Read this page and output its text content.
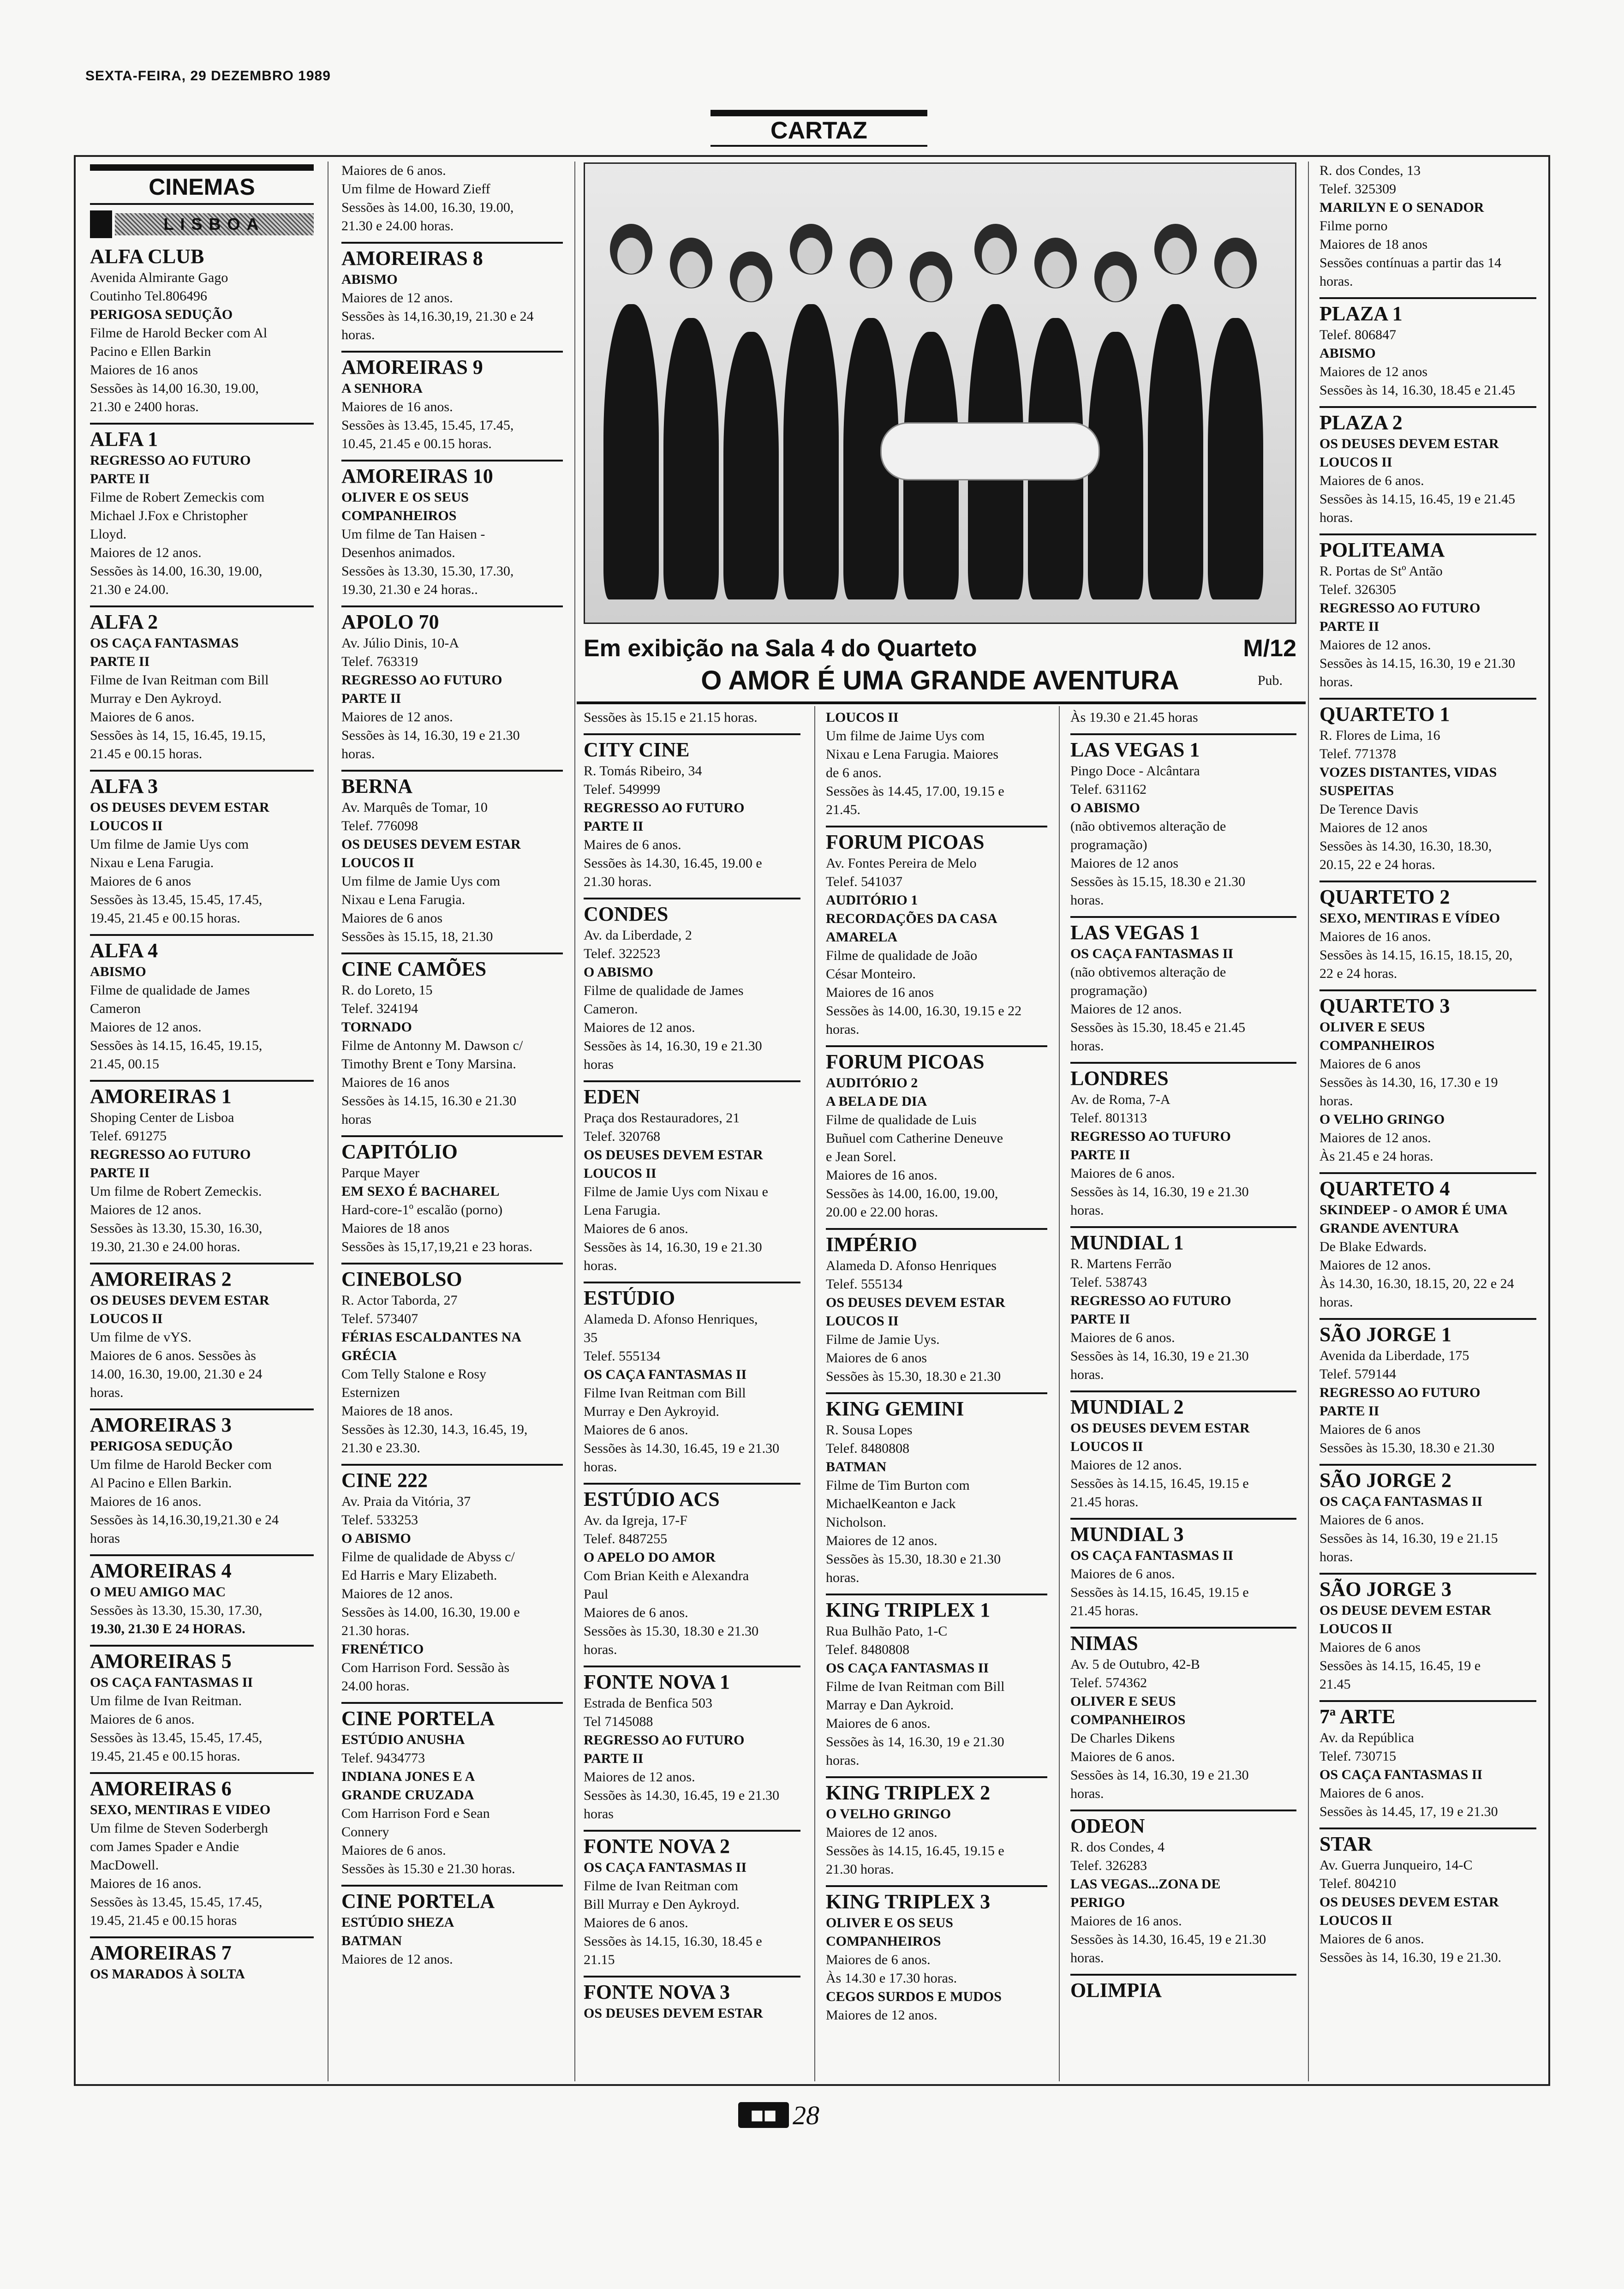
SEXTA-FEIRA, 29 DEZEMBRO 1989
CARTAZ
CINEMAS
LISBOA

ALFA CLUB

Avenida Almirante Gago

Coutinho Tel.806496

PERIGOSA SEDUÇÃO

Filme de Harold Becker com Al

Pacino e Ellen Barkin

Maiores de 16 anos

Sessões às 14,00 16.30, 19.00,

21.30 e 2400 horas.

ALFA 1

REGRESSO AO FUTURO

PARTE II

Filme de Robert Zemeckis com

Michael J.Fox e Christopher

Lloyd.

Maiores de 12 anos.

Sessões às 14.00, 16.30, 19.00,

21.30 e 24.00.

ALFA 2

OS CAÇA FANTASMAS

PARTE II

Filme de Ivan Reitman com Bill

Murray e Den Aykroyd.

Maiores de 6 anos.

Sessões às 14, 15, 16.45, 19.15,

21.45 e 00.15 horas.

ALFA 3

OS DEUSES DEVEM ESTAR

LOUCOS II

Um filme de Jamie Uys com

Nixau e Lena Farugia.

Maiores de 6 anos

Sessões às 13.45, 15.45, 17.45,

19.45, 21.45 e 00.15 horas.

ALFA 4

ABISMO

Filme de qualidade de James

Cameron

Maiores de 12 anos.

Sessões às 14.15, 16.45, 19.15,

21.45, 00.15

AMOREIRAS 1

Shoping Center de Lisboa

Telef. 691275

REGRESSO AO FUTURO

PARTE II

Um filme de Robert Zemeckis.

Maiores de 12 anos.

Sessões às 13.30, 15.30, 16.30,

19.30, 21.30 e 24.00 horas.

AMOREIRAS 2

OS DEUSES DEVEM ESTAR

LOUCOS II

Um filme de vYS.

Maiores de 6 anos. Sessões às

14.00, 16.30, 19.00, 21.30 e 24

horas.

AMOREIRAS 3

PERIGOSA SEDUÇÃO

Um filme de Harold Becker com

Al Pacino e Ellen Barkin.

Maiores de 16 anos.

Sessões às 14,16.30,19,21.30 e 24

horas

AMOREIRAS 4

O MEU AMIGO MAC

Sessões às 13.30, 15.30, 17.30,

19.30, 21.30 E 24 HORAS.

AMOREIRAS 5

OS CAÇA FANTASMAS II

Um filme de Ivan Reitman.

Maiores de 6 anos.

Sessões às 13.45, 15.45, 17.45,

19.45, 21.45 e 00.15 horas.

AMOREIRAS 6

SEXO, MENTIRAS E VIDEO

Um filme de Steven Soderbergh

com James Spader e Andie

MacDowell.

Maiores de 16 anos.

Sessões às 13.45, 15.45, 17.45,

19.45, 21.45 e 00.15 horas

AMOREIRAS 7

OS MARADOS À SOLTA

Maiores de 6 anos.

Um filme de Howard Zieff

Sessões às 14.00, 16.30, 19.00,

21.30 e 24.00 horas.

AMOREIRAS 8

ABISMO

Maiores de 12 anos.

Sessões às 14,16.30,19, 21.30 e 24

horas.

AMOREIRAS 9

A SENHORA

Maiores de 16 anos.

Sessões às 13.45, 15.45, 17.45,

10.45, 21.45 e 00.15 horas.

AMOREIRAS 10

OLIVER E OS SEUS

COMPANHEIROS

Um filme de Tan Haisen -

Desenhos animados.

Sessões às 13.30, 15.30, 17.30,

19.30, 21.30 e 24 horas..

APOLO 70

Av. Júlio Dinis, 10-A

Telef. 763319

REGRESSO AO FUTURO

PARTE II

Maiores de 12 anos.

Sessões às 14, 16.30, 19 e 21.30

horas.

BERNA

Av. Marquês de Tomar, 10

Telef. 776098

OS DEUSES DEVEM ESTAR

LOUCOS II

Um filme de Jamie Uys com

Nixau e Lena Farugia.

Maiores de 6 anos

Sessões às 15.15, 18, 21.30

CINE CAMÕES

R. do Loreto, 15

Telef. 324194

TORNADO

Filme de Antonny M. Dawson c/

Timothy Brent e Tony Marsina.

Maiores de 16 anos

Sessões às 14.15, 16.30 e 21.30

horas

CAPITÓLIO

Parque Mayer

EM SEXO É BACHAREL

Hard-core-1º escalão (porno)

Maiores de 18 anos

Sessões às 15,17,19,21 e 23 horas.

CINEBOLSO

R. Actor Taborda, 27

Telef. 573407

FÉRIAS ESCALDANTES NA

GRÉCIA

Com Telly Stalone e Rosy

Esternizen

Maiores de 18 anos.

Sessões às 12.30, 14.3, 16.45, 19,

21.30 e 23.30.

CINE 222

Av. Praia da Vitória, 37

Telef. 533253

O ABISMO

Filme de qualidade de Abyss c/

Ed Harris e Mary Elizabeth.

Maiores de 12 anos.

Sessões às 14.00, 16.30, 19.00 e

21.30 horas.

FRENÉTICO

Com Harrison Ford. Sessão às

24.00 horas.

CINE PORTELA

ESTÚDIO ANUSHA

Telef. 9434773

INDIANA JONES E A

GRANDE CRUZADA

Com Harrison Ford e Sean

Connery

Maiores de 6 anos.

Sessões às 15.30 e 21.30 horas.

CINE PORTELA

ESTÚDIO SHEZA

BATMAN

Maiores de 12 anos.

Em exibição na Sala 4 do Quarteto	M/12
O AMOR É UMA GRANDE AVENTURA	Pub.

Sessões às 15.15 e 21.15 horas.

CITY CINE

R. Tomás Ribeiro, 34

Telef. 549999

REGRESSO AO FUTURO

PARTE II

Maires de 6 anos.

Sessões às 14.30, 16.45, 19.00 e

21.30 horas.

CONDES

Av. da Liberdade, 2

Telef. 322523

O ABISMO

Filme de qualidade de James

Cameron.

Maiores de 12 anos.

Sessões às 14, 16.30, 19 e 21.30

horas

EDEN

Praça dos Restauradores, 21

Telef. 320768

OS DEUSES DEVEM ESTAR

LOUCOS II

Filme de Jamie Uys com Nixau e

Lena Farugia.

Maiores de 6 anos.

Sessões às 14, 16.30, 19 e 21.30

horas.

ESTÚDIO

Alameda D. Afonso Henriques,

35

Telef. 555134

OS CAÇA FANTASMAS II

Filme Ivan Reitman com Bill

Murray e Den Aykroyid.

Maiores de 6 anos.

Sessões às 14.30, 16.45, 19 e 21.30

horas.

ESTÚDIO ACS

Av. da Igreja, 17-F

Telef. 8487255

O APELO DO AMOR

Com Brian Keith e Alexandra

Paul

Maiores de 6 anos.

Sessões às 15.30, 18.30 e 21.30

horas.

FONTE NOVA 1

Estrada de Benfica 503

Tel 7145088

REGRESSO AO FUTURO

PARTE II

Maiores de 12 anos.

Sessões às 14.30, 16.45, 19 e 21.30

horas

FONTE NOVA 2

OS CAÇA FANTASMAS II

Filme de Ivan Reitman com

Bill Murray e Den Aykroyd.

Maiores de 6 anos.

Sessões às 14.15, 16.30, 18.45 e

21.15

FONTE NOVA 3

OS DEUSES DEVEM ESTAR

LOUCOS II

Um filme de Jaime Uys com

Nixau e Lena Farugia. Maiores

de 6 anos.

Sessões às 14.45, 17.00, 19.15 e

21.45.

FORUM PICOAS

Av. Fontes Pereira de Melo

Telef. 541037

AUDITÓRIO 1

RECORDAÇÕES DA CASA

AMARELA

Filme de qualidade de João

César Monteiro.

Maiores de 16 anos

Sessões às 14.00, 16.30, 19.15 e 22

horas.

FORUM PICOAS

AUDITÓRIO 2

A BELA DE DIA

Filme de qualidade de Luis

Buñuel com Catherine Deneuve

e Jean Sorel.

Maiores de 16 anos.

Sessões às 14.00, 16.00, 19.00,

20.00 e 22.00 horas.

IMPÉRIO

Alameda D. Afonso Henriques

Telef. 555134

OS DEUSES DEVEM ESTAR

LOUCOS II

Filme de Jamie Uys.

Maiores de 6 anos

Sessões às 15.30, 18.30 e 21.30

KING GEMINI

R. Sousa Lopes

Telef. 8480808

BATMAN

Filme de Tim Burton com

MichaelKeanton e Jack

Nicholson.

Maiores de 12 anos.

Sessões às 15.30, 18.30 e 21.30

horas.

KING TRIPLEX 1

Rua Bulhão Pato, 1-C

Telef. 8480808

OS CAÇA FANTASMAS II

Filme de Ivan Reitman com Bill

Marray e Dan Aykroid.

Maiores de 6 anos.

Sessões às 14, 16.30, 19 e 21.30

horas.

KING TRIPLEX 2

O VELHO GRINGO

Maiores de 12 anos.

Sessões às 14.15, 16.45, 19.15 e

21.30 horas.

KING TRIPLEX 3

OLIVER E OS SEUS

COMPANHEIROS

Maiores de 6 anos.

Às 14.30 e 17.30 horas.

CEGOS SURDOS E MUDOS

Maiores de 12 anos.

Às 19.30 e 21.45 horas

LAS VEGAS 1

Pingo Doce - Alcântara

Telef. 631162

O ABISMO

(não obtivemos alteração de

programação)

Maiores de 12 anos

Sessões às 15.15, 18.30 e 21.30

horas.

LAS VEGAS 1

OS CAÇA FANTASMAS II

(não obtivemos alteração de

programação)

Maiores de 12 anos.

Sessões às 15.30, 18.45 e 21.45

horas.

LONDRES

Av. de Roma, 7-A

Telef. 801313

REGRESSO AO TUFURO

PARTE II

Maiores de 6 anos.

Sessões às 14, 16.30, 19 e 21.30

horas.

MUNDIAL 1

R. Martens Ferrão

Telef. 538743

REGRESSO AO FUTURO

PARTE II

Maiores de 6 anos.

Sessões às 14, 16.30, 19 e 21.30

horas.

MUNDIAL 2

OS DEUSES DEVEM ESTAR

LOUCOS II

Maiores de 12 anos.

Sessões às 14.15, 16.45, 19.15 e

21.45 horas.

MUNDIAL 3

OS CAÇA FANTASMAS II

Maiores de 6 anos.

Sessões às 14.15, 16.45, 19.15 e

21.45 horas.

NIMAS

Av. 5 de Outubro, 42-B

Telef. 574362

OLIVER E SEUS

COMPANHEIROS

De Charles Dikens

Maiores de 6 anos.

Sessões às 14, 16.30, 19 e 21.30

horas.

ODEON

R. dos Condes, 4

Telef. 326283

LAS VEGAS...ZONA DE

PERIGO

Maiores de 16 anos.

Sessões às 14.30, 16.45, 19 e 21.30

horas.

OLIMPIA

R. dos Condes, 13

Telef. 325309

MARILYN E O SENADOR

Filme porno

Maiores de 18 anos

Sessões contínuas a partir das 14

horas.

PLAZA 1

Telef. 806847

ABISMO

Maiores de 12 anos

Sessões às 14, 16.30, 18.45 e 21.45

PLAZA 2

OS DEUSES DEVEM ESTAR

LOUCOS II

Maiores de 6 anos.

Sessões às 14.15, 16.45, 19 e 21.45

horas.

POLITEAMA

R. Portas de Stº Antão

Telef. 326305

REGRESSO AO FUTURO

PARTE II

Maiores de 12 anos.

Sessões às 14.15, 16.30, 19 e 21.30

horas.

QUARTETO 1

R. Flores de Lima, 16

Telef. 771378

VOZES DISTANTES, VIDAS

SUSPEITAS

De Terence Davis

Maiores de 12 anos

Sessões às 14.30, 16.30, 18.30,

20.15, 22 e 24 horas.

QUARTETO 2

SEXO, MENTIRAS E VÍDEO

Maiores de 16 anos.

Sessões às 14.15, 16.15, 18.15, 20,

22 e 24 horas.

QUARTETO 3

OLIVER E SEUS

COMPANHEIROS

Maiores de 6 anos

Sessões às 14.30, 16, 17.30 e 19

horas.

O VELHO GRINGO

Maiores de 12 anos.

Às 21.45 e 24 horas.

QUARTETO 4

SKINDEEP - O AMOR É UMA

GRANDE AVENTURA

De Blake Edwards.

Maiores de 12 anos.

Às 14.30, 16.30, 18.15, 20, 22 e 24

horas.

SÃO JORGE 1

Avenida da Liberdade, 175

Telef. 579144

REGRESSO AO FUTURO

PARTE II

Maiores de 6 anos

Sessões às 15.30, 18.30 e 21.30

SÃO JORGE 2

OS CAÇA FANTASMAS II

Maiores de 6 anos.

Sessões às 14, 16.30, 19 e 21.15

horas.

SÃO JORGE 3

OS DEUSE DEVEM ESTAR

LOUCOS II

Maiores de 6 anos

Sessões às 14.15, 16.45, 19 e

21.45

7ª ARTE

Av. da República

Telef. 730715

OS CAÇA FANTASMAS II

Maiores de 6 anos.

Sessões às 14.45, 17, 19 e 21.30

STAR

Av. Guerra Junqueiro, 14-C

Telef. 804210

OS DEUSES DEVEM ESTAR

LOUCOS II

Maiores de 6 anos.

Sessões às 14, 16.30, 19 e 21.30.

◼◼ 28
